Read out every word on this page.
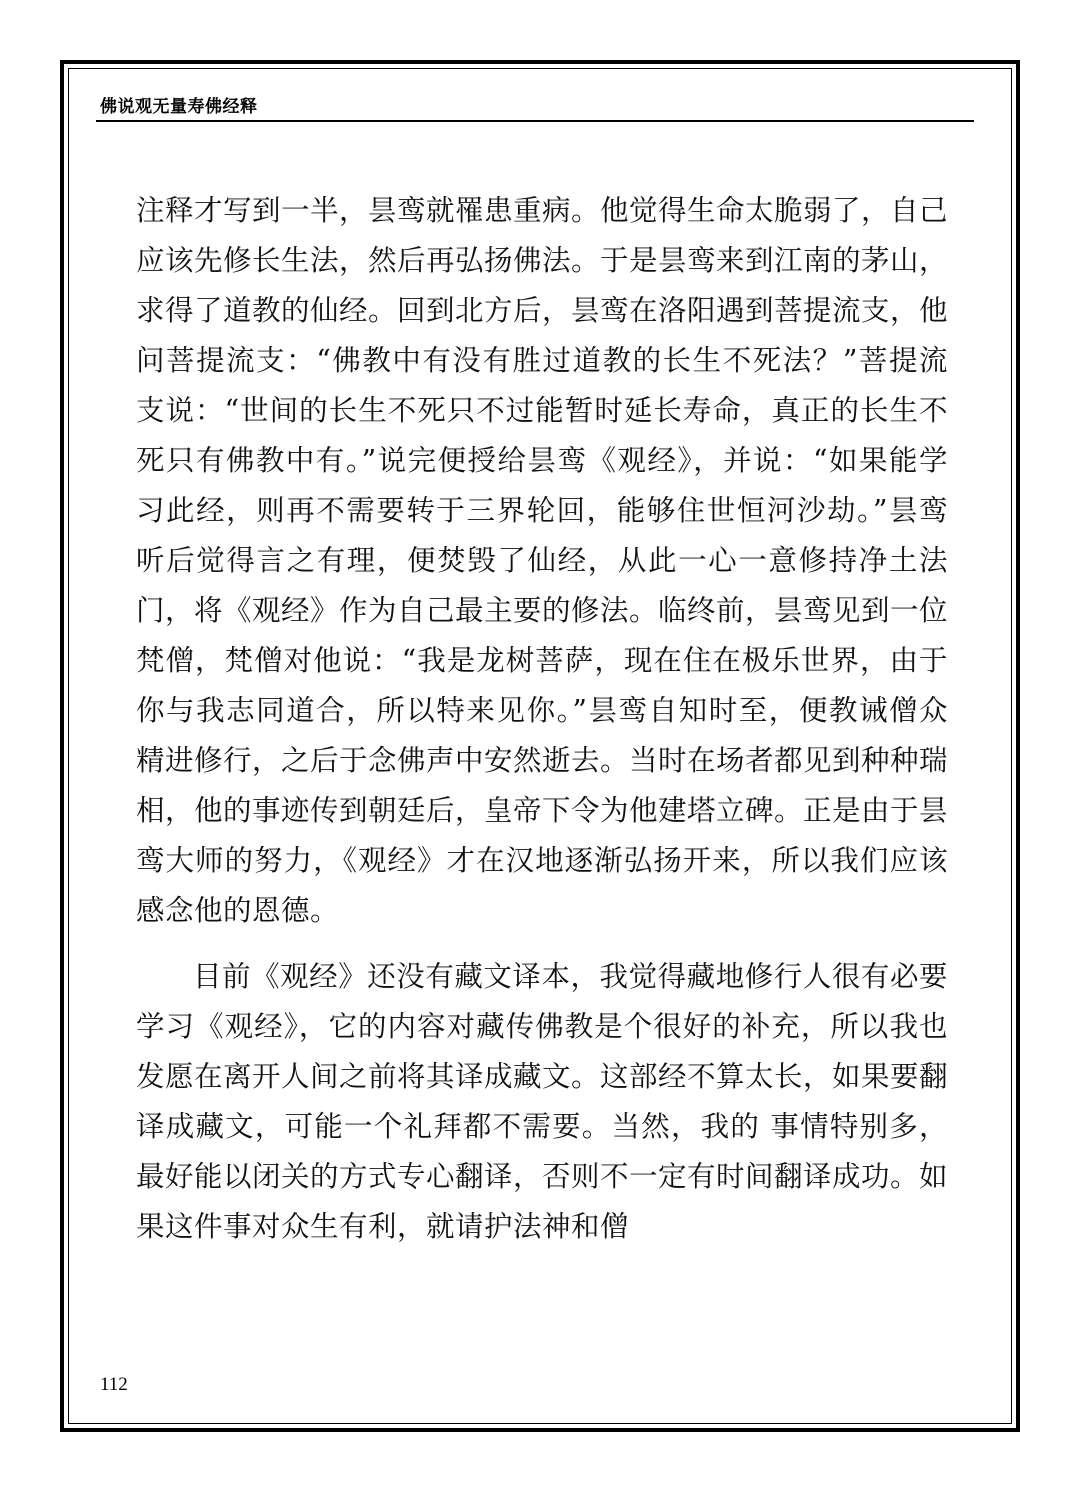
佛说观无量寿佛经释

注释才写到一半，昙鸾就罹患重病。他觉得生命太脆弱了，自己应该先修长生法，然后再弘扬佛法。于是昙鸾来到江南的茅山，求得了道教的仙经。回到北方后，昙鸾在洛阳遇到菩提流支，他问菩提流支：“佛教中有没有胜过道教的长生不死法？”菩提流支说：“世间的长生不死只不过能暂时延长寿命，真正的长生不死只有佛教中有。”说完便授给昙鸾《观经》，并说：“如果能学习此经，则再不需要转于三界轮回，能够住世恒河沙劫。”昙鸾听后觉得言之有理，便焚毁了仙经，从此一心一意修持净土法门，将《观经》作为自己最主要的修法。临终前，昙鸾见到一位梵僧，梵僧对他说：“我是龙树菩萨，现在住在极乐世界，由于你与我志同道合，所以特来见你。”昙鸾自知时至，便教诫僧众精进修行，之后于念佛声中安然逝去。当时在场者都见到种种瑞相，他的事迹传到朝廷后，皇帝下令为他建塔立碑。正是由于昙鸾大师的努力，《观经》才在汉地逐渐弘扬开来，所以我们应该感念他的恩德。

目前《观经》还没有藏文译本，我觉得藏地修行人很有必要学习《观经》，它的内容对藏传佛教是个很好的补充，所以我也发愿在离开人间之前将其译成藏文。这部经不算太长，如果要翻译成藏文，可能一个礼拜都不需要。当然，我的 事情特别多，最好能以闭关的方式专心翻译，否则不一定有时间翻译成功。如果这件事对众生有利，就请护法神和僧

112
